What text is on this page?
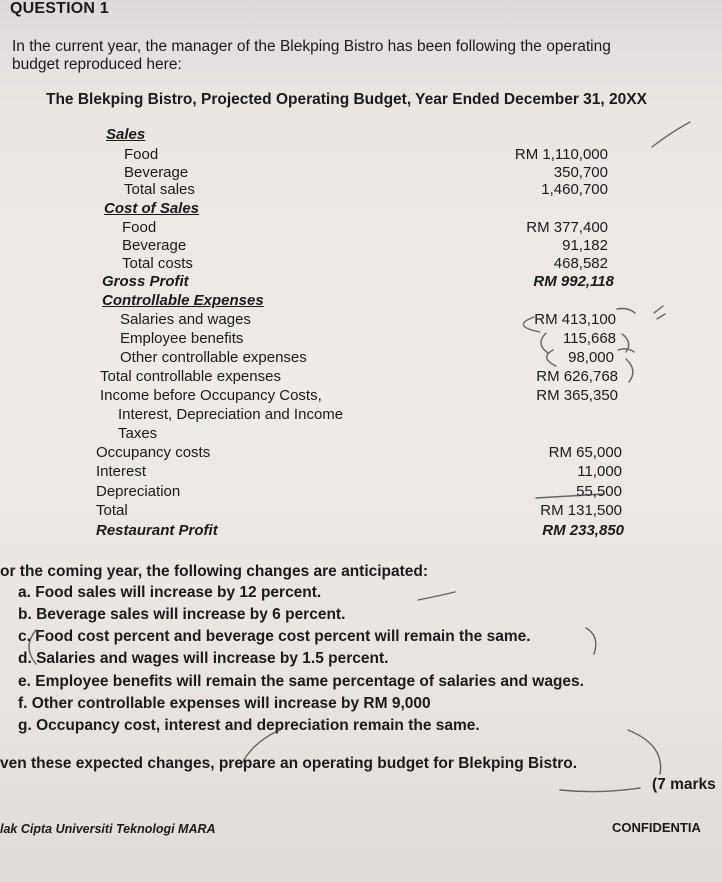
QUESTION 1
In the current year, the manager of the Blekping Bistro has been following the operating
budget reproduced here:
The Blekping Bistro, Projected Operating Budget, Year Ended December 31, 20XX
Sales
Food	RM 1,110,000
Beverage	350,700
Total sales	1,460,700
Cost of Sales
Food	RM 377,400
Beverage	91,182
Total costs	468,582
Gross Profit	RM 992,118
Controllable Expenses
Salaries and wages	RM 413,100
Employee benefits	115,668
Other controllable expenses	98,000
Total controllable expenses	RM 626,768
Income before Occupancy Costs,	RM 365,350
Interest, Depreciation and Income
Taxes
Occupancy costs	RM 65,000
Interest	11,000
Depreciation	55,500
Total	RM 131,500
Restaurant Profit	RM 233,850
or the coming year, the following changes are anticipated:
a. Food sales will increase by 12 percent.
b. Beverage sales will increase by 6 percent.
c. Food cost percent and beverage cost percent will remain the same.
d. Salaries and wages will increase by 1.5 percent.
e. Employee benefits will remain the same percentage of salaries and wages.
f. Other controllable expenses will increase by RM 9,000
g. Occupancy cost, interest and depreciation remain the same.
ven these expected changes, prepare an operating budget for Blekping Bistro.
(7 marks
lak Cipta Universiti Teknologi MARA	CONFIDENTIA
